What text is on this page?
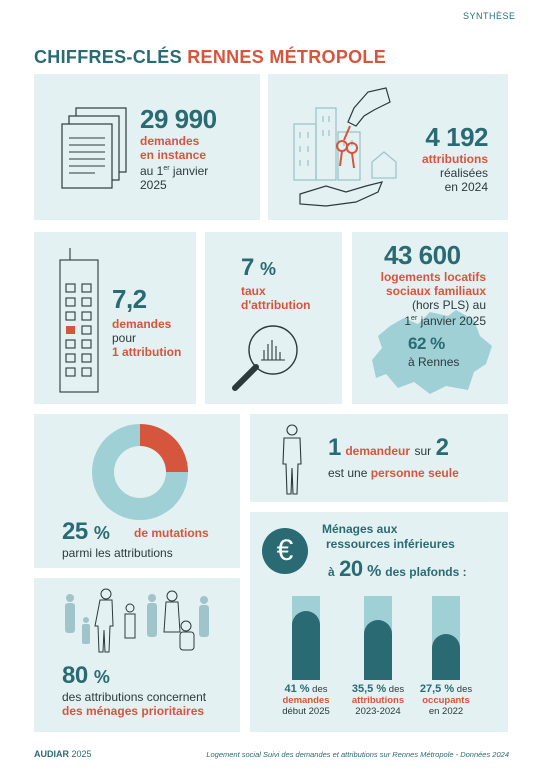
SYNTHÈSE
CHIFFRES-CLÉS RENNES MÉTROPOLE
29 990
demandes
en instance
au 1er janvier
2025
4 192
attributions
réalisées
en 2024
7,2
demandes
pour
1 attribution
7 %
taux
d'attribution
43 600
logements locatifs
sociaux familiaux
(hors PLS) au
1er janvier 2025
62 %
à Rennes
25 % de mutations
parmi les attributions
1 demandeur sur 2
est une personne seule
80 %
des attributions concernent
des ménages prioritaires
€
Ménages aux
ressources inférieures
à 20 % des plafonds :
41 % des
demandes
début 2025
35,5 % des
attributions
2023-2024
27,5 % des
occupants
en 2022
AUDIAR 2025	Logement social Suivi des demandes et attributions sur Rennes Métropole - Données 2024
